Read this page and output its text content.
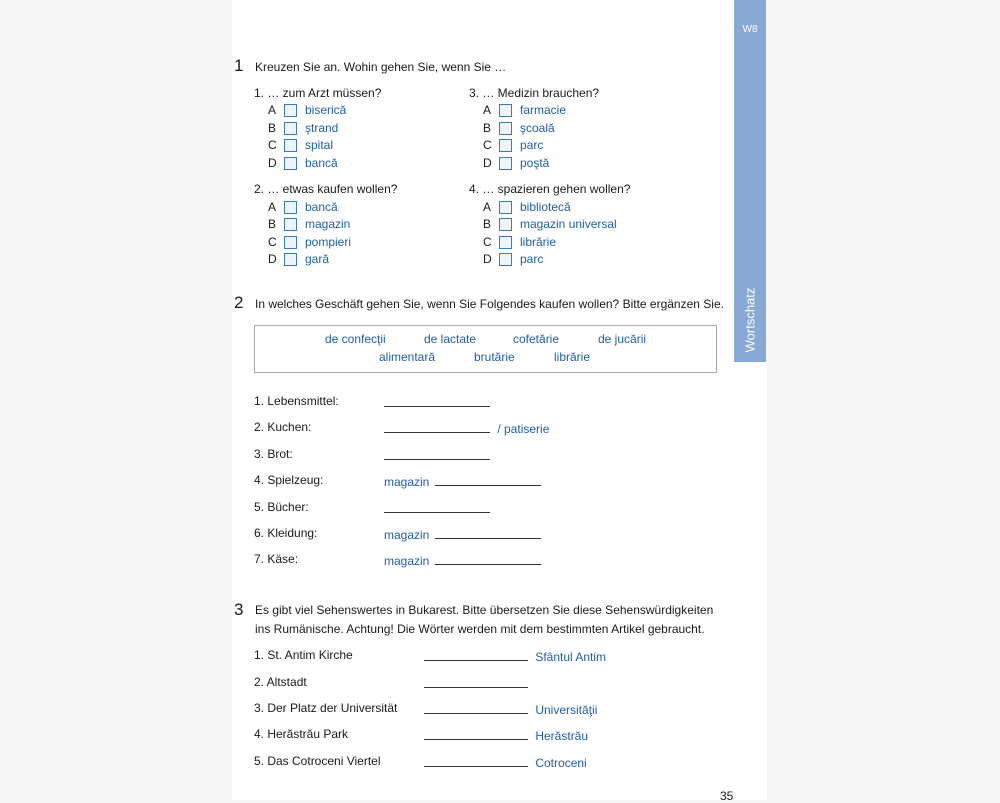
W8
Wortschatz
1 Kreuzen Sie an. Wohin gehen Sie, wenn Sie …
1. … zum Arzt müssen?
A	biserică
B	ştrand
C	spital
D	bancă
2. … etwas kaufen wollen?
A	bancă
B	magazin
C	pompieri
D	gară
3. … Medizin brauchen?
A	farmacie
B	şcoală
C	parc
D	poştă
4. … spazieren gehen wollen?
A	bibliotecă
B	magazin universal
C	librărie
D	parc
2 In welches Geschäft gehen Sie, wenn Sie Folgendes kaufen wollen? Bitte ergänzen Sie.
de confecţii	de lactate	cofetărie	de jucării
alimentară	brutărie	librărie
1. Lebensmittel:
2. Kuchen:	/ patiserie
3. Brot:
4. Spielzeug:	magazin
5. Bücher:
6. Kleidung:	magazin
7. Käse:	magazin
3 Es gibt viel Sehenswertes in Bukarest. Bitte übersetzen Sie diese Sehenswürdigkeiten
ins Rumänische. Achtung! Die Wörter werden mit dem bestimmten Artikel gebraucht.
1. St. Antim Kirche	Sfântul Antim
2. Altstadt
3. Der Platz der Universität	Universităţii
4. Herăstrău Park	Herăstrău
5. Das Cotroceni Viertel	Cotroceni
35
